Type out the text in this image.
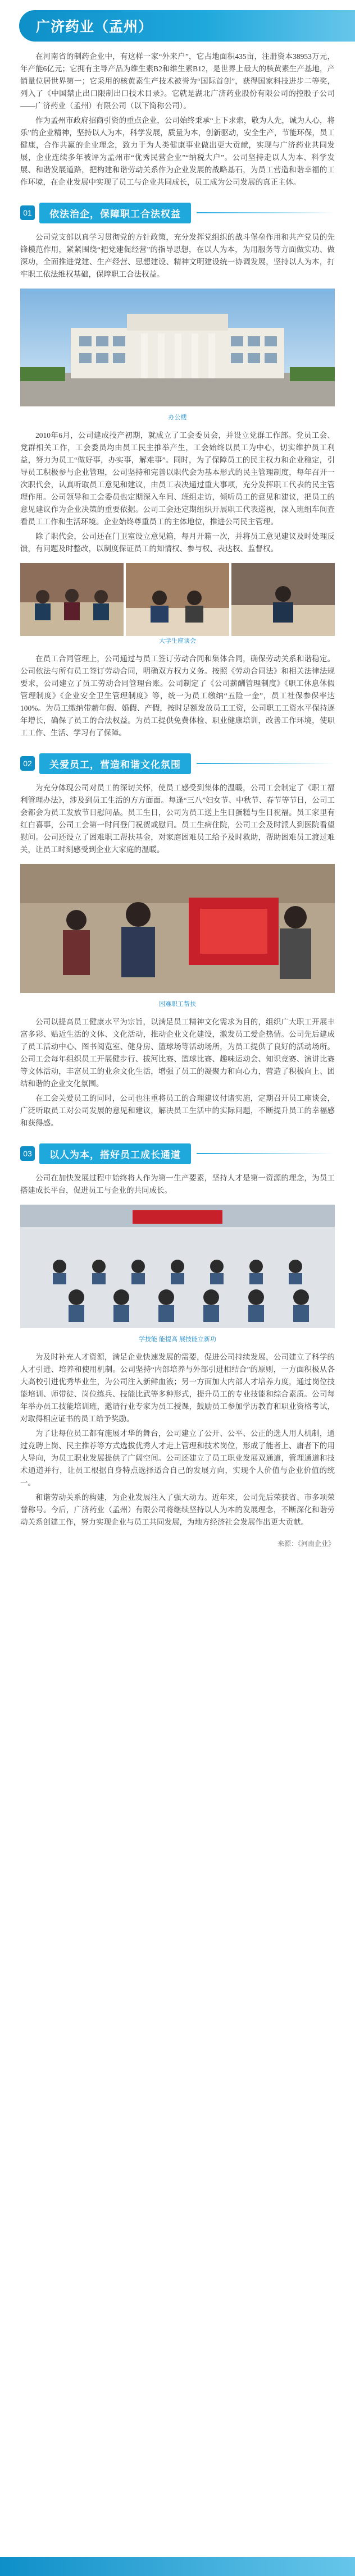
广济药业（孟州）

在河南省的制药企业中，有这样一家“外来户”，它占地面积435亩，注册资本38953万元，年产能6亿元；它拥有主导产品为维生素B2和维生素B12，是世界上最大的核黄素生产基地，产销量位居世界第一；它采用的核黄素生产技术被誉为“国际首创”，获得国家科技进步二等奖，列入了《中国禁止出口限制出口技术目录》。它就是湖北广济药业股份有限公司的控股子公司——广济药业（孟州）有限公司（以下简称公司）。

作为孟州市政府招商引资的重点企业，公司始终秉承“上下求索，敬为人先，诚为人心，将乐”的企业精神，坚持以人为本，科学发展，质量为本，创新驱动，安全生产，节能环保，员工健康，合作共赢的企业理念，致力于为人类健康事业做出更大贡献，实现与广济药业共同发展，企业连续多年被评为孟州市“优秀民营企业”“纳税大户”。公司坚持走以人为本、科学发展、和谐发展道路，把构建和谐劳动关系作为企业发展的战略基石，为员工营造和谐幸福的工作环境，在企业发展中实现了员工与企业共同成长，员工成为公司发展的真正主体。

01	依法治企，保障职工合法权益

公司党支部以真学习贯彻党的方针政策，充分发挥党组织的战斗堡垒作用和共产党员的先锋模范作用，紧紧围绕“把党建促经营”的指导思想，在以人为本，为用服务等方面做实功、做深功，全面推进党建、生产经营、思想建设、精神文明建设统一协调发展，坚持以人为本，打牢职工依法维权基础，保障职工合法权益。

办公楼

2010年6月，公司建成投产初期，就成立了工会委员会，并设立党群工作部。党员工会、党群相关工作，工会委员均由员工民主推举产生，工会始终以员工为中心，切实维护员工利益，努力为员工“做好事，办实事，解难事”。同时，为了保障员工的民主权力和企业稳定，引导员工积极参与企业管理，公司坚持和完善以职代会为基本形式的民主管理制度，每年召开一次职代会，认真听取员工意见和建议，由员工表决通过重大事项，充分发挥职工代表的民主管理作用。公司领导和工会委员也定期深入车间、班组走访，倾听员工的意见和建议，把员工的意见建议作为企业决策的重要依据。公司工会还定期组织开展职工代表巡视，深入班组车间查看员工工作和生活环境。企业始终尊重员工的主体地位，推进公司民主管理。

除了职代会，公司还在门卫室设立意见箱，每月开箱一次，并将员工意见建议及时处理反馈，有问题及时整改，以制度保证员工的知情权、参与权、表达权、监督权。

大学生座谈会

在员工合同管理上，公司通过与员工签订劳动合同和集体合同，确保劳动关系和谐稳定。公司依法与所有员工签订劳动合同，明确双方权力义务。按照《劳动合同法》和相关法律法规要求，公司建立了员工劳动合同管理台账。公司制定了《公司薪酬管理制度》《职工休息休假管理制度》《企业安全卫生管理制度》等，统一为员工缴纳“五险一金”，员工社保参保率达100%。为员工缴纳带薪年假、婚假、产假，按时足额发放员工工资，公司职工工资水平保持逐年增长，确保了员工的合法权益。为员工提供免费体检、职业健康培训，改善工作环境，使职工工作、生活、学习有了保障。

02	关爱员工，营造和谐文化氛围

为充分体现公司对员工的深切关怀，使员工感受到集体的温暖，公司工会制定了《职工福利管理办法》，涉及到员工生活的方方面面。每逢“三八”妇女节、中秋节、春节等节日，公司工会都会为员工发放节日慰问品。员工生日，公司为员工送上生日蛋糕与生日祝福。员工家里有红白喜事，公司工会第一时间登门祝贺或慰问。员工生病住院，公司工会及时派人到医院看望慰问。公司还设立了困难职工帮扶基金，对家庭困难员工给予及时救助，帮助困难员工渡过难关，让员工时刻感受到企业大家庭的温暖。

困难职工帮扶

公司以提高员工健康水平为宗旨，以满足员工精神文化需求为目的，组织广大职工开展丰富多彩、贴近生活的文体、文化活动，推动企业文化建设，激发员工爱企热情。公司先后建成了员工活动中心、图书阅览室、健身房、篮球场等活动场所，为员工提供了良好的活动场所。公司工会每年组织员工开展健步行、拔河比赛、篮球比赛、趣味运动会、知识竞赛、演讲比赛等文体活动，丰富员工的业余文化生活，增强了员工的凝聚力和向心力，营造了积极向上、团结和谐的企业文化氛围。

在工会关爱员工的同时，公司也注重将员工的合理建议付诸实施，定期召开员工座谈会，广泛听取员工对公司发展的意见和建议，解决员工生活中的实际问题，不断提升员工的幸福感和获得感。

03	以人为本，搭好员工成长通道

公司在加快发展过程中始终将人作为第一生产要素，坚持人才是第一资源的理念，为员工搭建成长平台，促进员工与企业的共同成长。

学技能 能提高 展技能立新功

为及时补充人才资源，满足企业快速发展的需要，促进公司持续发展，公司建立了科学的人才引进、培养和使用机制。公司坚持“内部培养与外部引进相结合”的原则，一方面积极从各大高校引进优秀毕业生，为公司注入新鲜血液；另一方面加大内部人才培养力度，通过岗位技能培训、师带徒、岗位练兵、技能比武等多种形式，提升员工的专业技能和综合素质。公司每年举办员工技能培训班，邀请行业专家为员工授课，鼓励员工参加学历教育和职业资格考试，对取得相应证书的员工给予奖励。

为了让每位员工都有施展才华的舞台，公司建立了公开、公平、公正的选人用人机制，通过竞聘上岗、民主推荐等方式选拔优秀人才走上管理和技术岗位，形成了能者上、庸者下的用人导向，为员工职业发展提供了广阔空间。公司还建立了员工职业发展双通道，管理通道和技术通道并行，让员工根据自身特点选择适合自己的发展方向，实现个人价值与企业价值的统一。

和谐劳动关系的构建，为企业发展注入了强大动力。近年来，公司先后荣获省、市多项荣誉称号。今后，广济药业（孟州）有限公司将继续坚持以人为本的发展理念，不断深化和谐劳动关系创建工作，努力实现企业与员工共同发展，为地方经济社会发展作出更大贡献。

来源：《河南企业》
